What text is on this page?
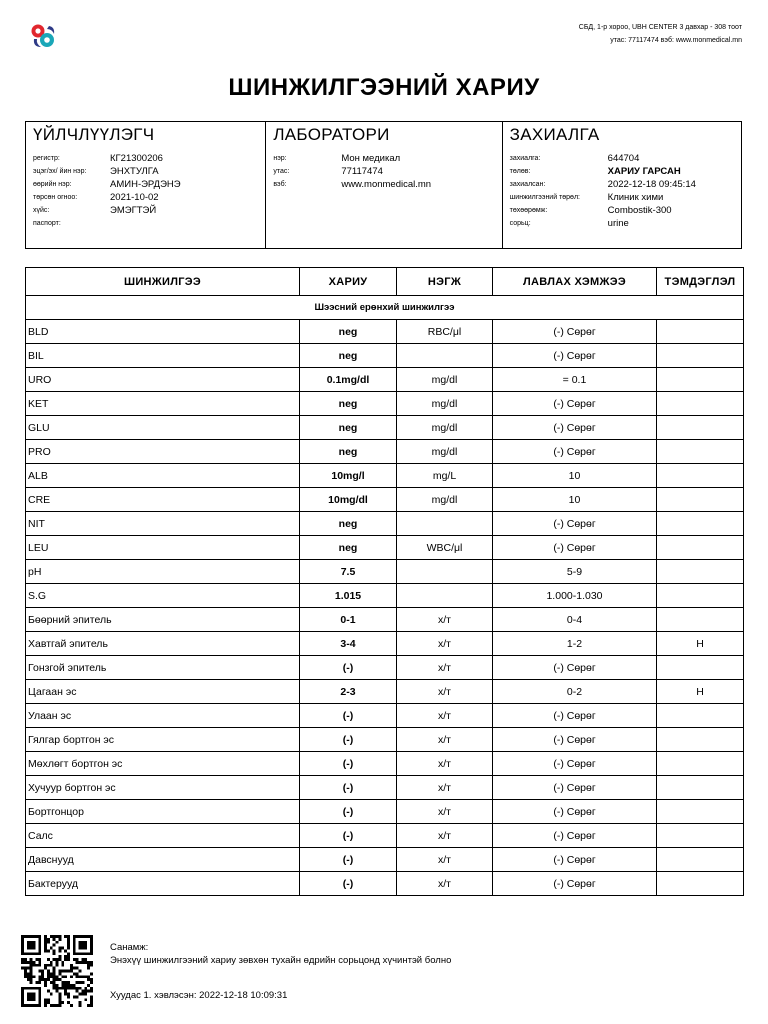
СБД, 1-р хороо, UBH CENTER 3 давхар - 308 тоот
утас: 77117474 вэб: www.monmedical.mn
ШИНЖИЛГЭЭНИЙ ХАРИУ
ҮЙЛЧЛҮҮЛЭГЧ
регистр:	КГ21300206
эцэг/эх/ йин нэр:	ЭНХТУЛГА
өөрийн нэр:	АМИН-ЭРДЭНЭ
төрсөн огноо:	2021-10-02
хүйс:	ЭМЭГТЭЙ
паспорт:
ЛАБОРАТОРИ
нэр:	Мон медикал
утас:	77117474
вэб:	www.monmedical.mn
ЗАХИАЛГА
захиалга:	644704
төлөв:	ХАРИУ ГАРСАН
захиалсан:	2022-12-18 09:45:14
шинжилгээний төрөл:	Клиник хими
төхөөрөмж:	Combostik-300
сорьц:	urine
ШИНЖИЛГЭЭ	ХАРИУ	НЭГЖ	ЛАВЛАХ ХЭМЖЭЭ	ТЭМДЭГЛЭЛ
Шээсний ерөнхий шинжилгээ				
BLD	neg	RBC/μl	(-) Сөрөг	
BIL	neg		(-) Сөрөг	
URO	0.1mg/dl	mg/dl	= 0.1	
KET	neg	mg/dl	(-) Сөрөг	
GLU	neg	mg/dl	(-) Сөрөг	
PRO	neg	mg/dl	(-) Сөрөг	
ALB	10mg/l	mg/L	10	
CRE	10mg/dl	mg/dl	10	
NIT	neg		(-) Сөрөг	
LEU	neg	WBC/μl	(-) Сөрөг	
pH	7.5		5-9	
S.G	1.015		1.000-1.030	
Бөөрний эпитель	0-1	х/т	0-4	
Хавтгай эпитель	3-4	х/т	1-2	H
Гонзгой эпитель	(-)	х/т	(-) Сөрөг	
Цагаан эс	2-3	х/т	0-2	H
Улаан эс	(-)	х/т	(-) Сөрөг	
Гялгар бортгон эс	(-)	х/т	(-) Сөрөг	
Мөхлөгт бортгон эс	(-)	х/т	(-) Сөрөг	
Хучуур бортгон эс	(-)	х/т	(-) Сөрөг	
Бортгонцор	(-)	х/т	(-) Сөрөг	
Салс	(-)	х/т	(-) Сөрөг	
Давснууд	(-)	х/т	(-) Сөрөг	
Бактерууд	(-)	х/т	(-) Сөрөг	
Санамж:
Энэхүү шинжилгээний хариу зөвхөн тухайн өдрийн сорьцонд хүчинтэй болно
Хуудас 1. хэвлэсэн: 2022-12-18 10:09:31
